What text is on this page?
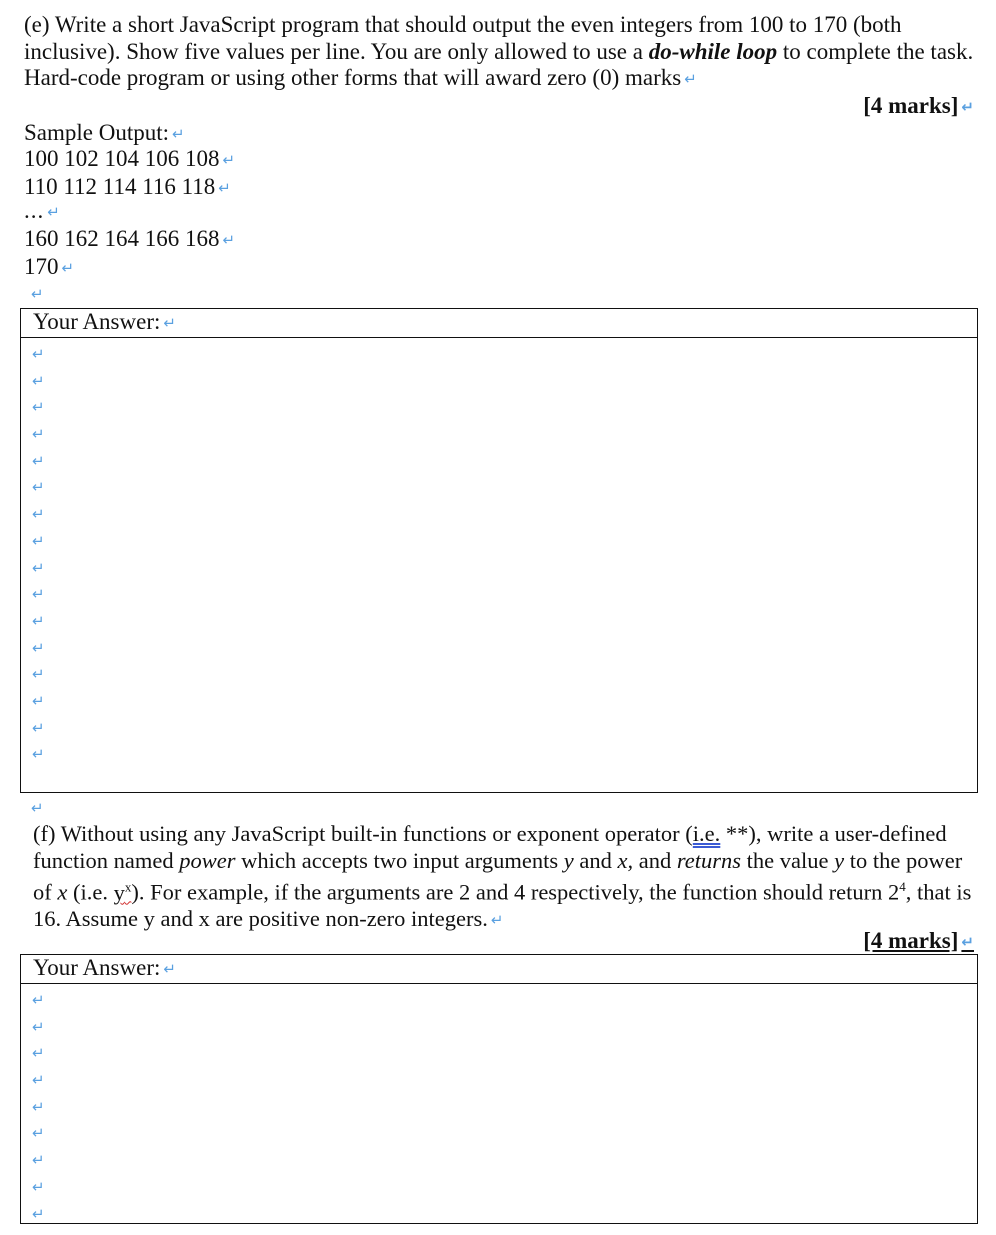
(e) Write a short JavaScript program that should output the even integers from 100 to 170 (both inclusive). Show five values per line. You are only allowed to use a do-while loop to complete the task. Hard-code program or using other forms that will award zero (0) marks ↵

[4 marks] ↵
Sample Output: ↵
100 102 104 106 108 ↵
110 112 114 116 118 ↵
... ↵
160 162 164 166 168 ↵
170 ↵
↵
Your Answer: ↵
↵
↵
↵
↵
↵
↵
↵
↵
↵
↵
↵
↵
↵
↵
↵
↵
↵

(f) Without using any JavaScript built-in functions or exponent operator (i.e. **), write a user-defined function named power which accepts two input arguments y and x, and returns the value y to the power of x (i.e. $y^x$). For example, if the arguments are 2 and 4 respectively, the function should return $2^4$, that is 16. Assume y and x are positive non-zero integers. ↵

[4 marks] ↵
Your Answer: ↵
↵
↵
↵
↵
↵
↵
↵
↵
↵
